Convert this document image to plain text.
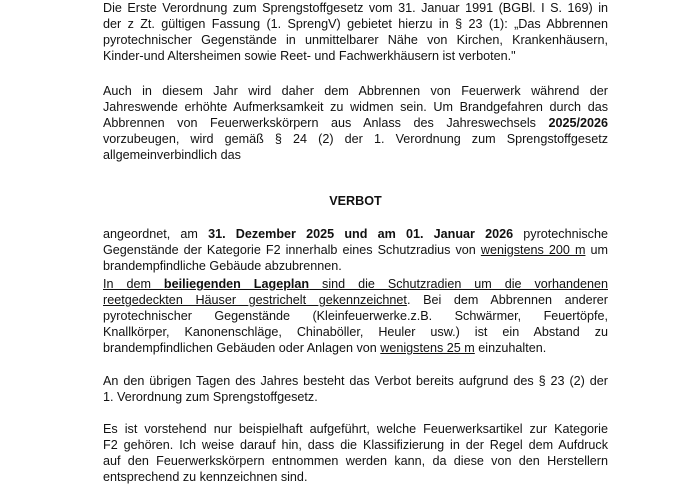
Die Erste Verordnung zum Sprengstoffgesetz vom 31. Januar 1991 (BGBl. I S. 169) in
der z Zt. gültigen Fassung (1. SprengV) gebietet hierzu in § 23 (1): „Das Abbrennen
pyrotechnischer Gegenstände in unmittelbarer Nähe von Kirchen, Krankenhäusern,
Kinder-und Altersheimen sowie Reet- und Fachwerkhäusern ist verboten."
Auch in diesem Jahr wird daher dem Abbrennen von Feuerwerk während der
Jahreswende erhöhte Aufmerksamkeit zu widmen sein. Um Brandgefahren durch das
Abbrennen von Feuerwerkskörpern aus Anlass des Jahreswechsels 2025/2026
vorzubeugen, wird gemäß § 24 (2) der 1. Verordnung zum Sprengstoffgesetz
allgemeinverbindlich das
VERBOT
angeordnet, am 31. Dezember 2025 und am 01. Januar 2026 pyrotechnische
Gegenstände der Kategorie F2 innerhalb eines Schutzradius von wenigstens 200 m um
brandempfindliche Gebäude abzubrennen.
In dem beiliegenden Lageplan sind die Schutzradien um die vorhandenen
reetgedeckten Häuser gestrichelt gekennzeichnet. Bei dem Abbrennen anderer
pyrotechnischer Gegenstände (Kleinfeuerwerke.z.B. Schwärmer, Feuertöpfe,
Knallkörper, Kanonenschläge, Chinaböller, Heuler usw.) ist ein Abstand zu
brandempfindlichen Gebäuden oder Anlagen von wenigstens 25 m einzuhalten.
An den übrigen Tagen des Jahres besteht das Verbot bereits aufgrund des § 23 (2) der
1. Verordnung zum Sprengstoffgesetz.
Es ist vorstehend nur beispielhaft aufgeführt, welche Feuerwerksartikel zur Kategorie
F2 gehören. Ich weise darauf hin, dass die Klassifizierung in der Regel dem Aufdruck
auf den Feuerwerkskörpern entnommen werden kann, da diese von den Herstellern
entsprechend zu kennzeichnen sind.
